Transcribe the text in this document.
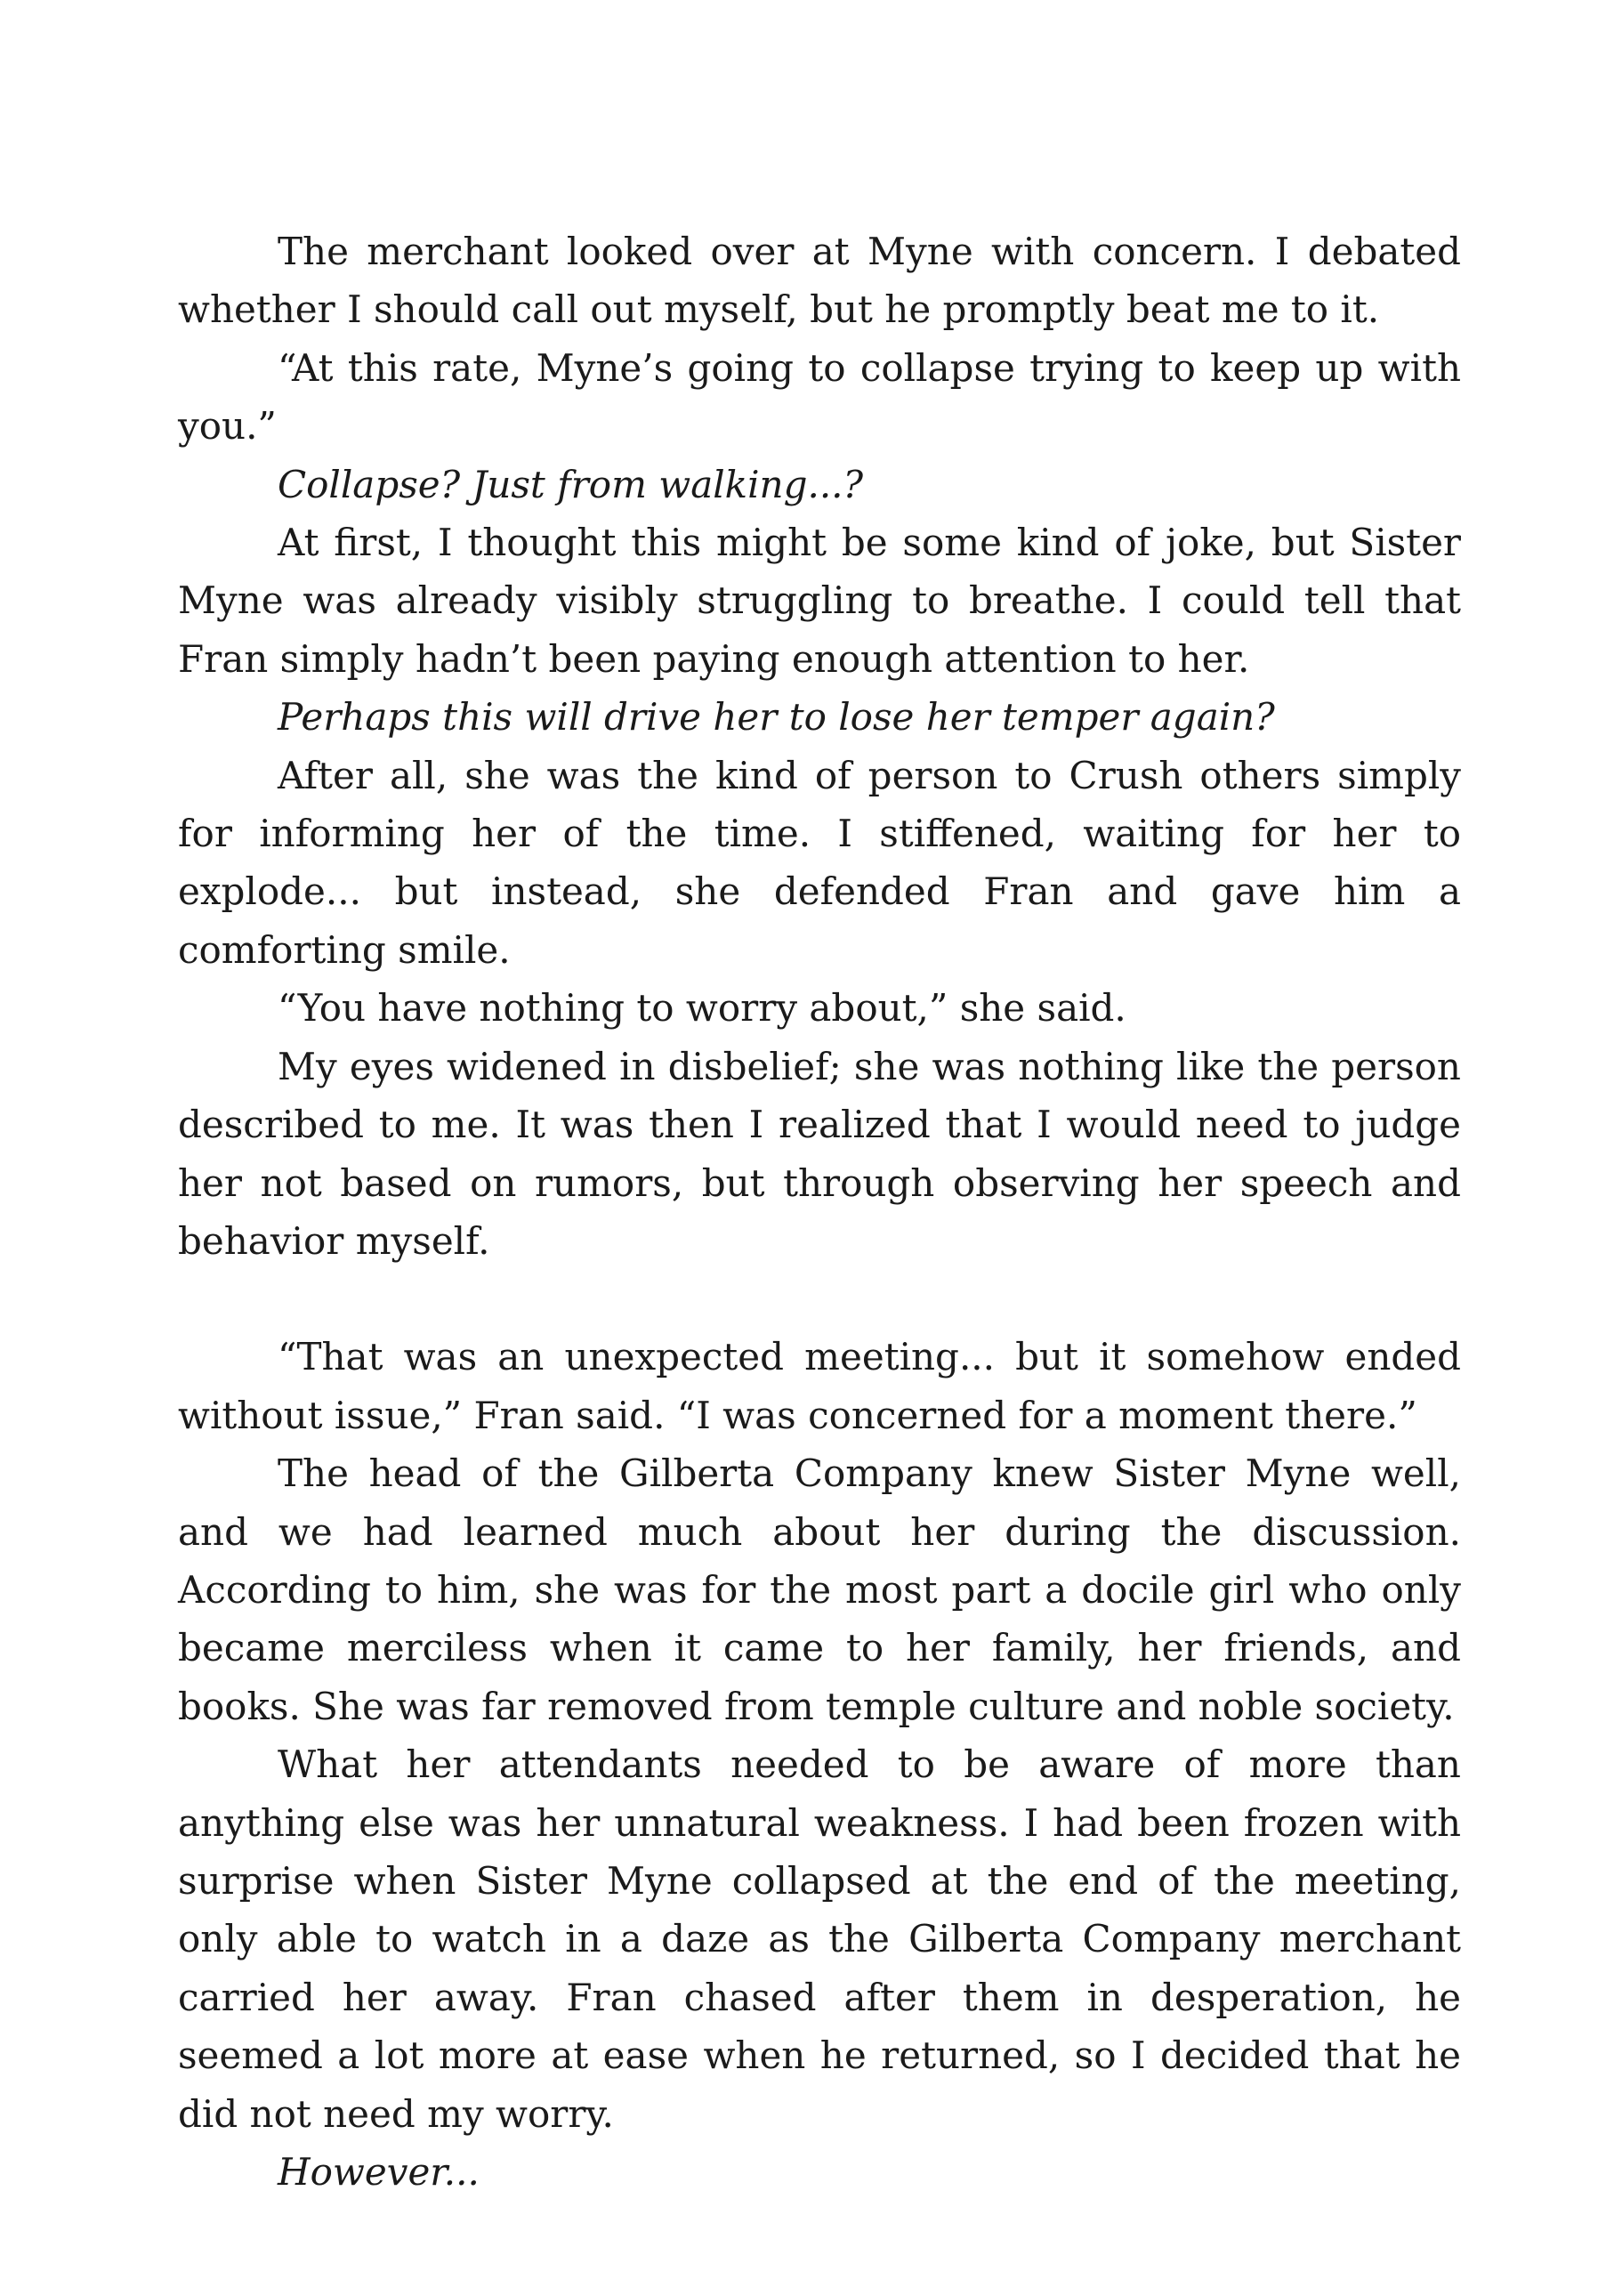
The merchant looked over at Myne with concern. I debated whether I should call out myself, but he promptly beat me to it.

“At this rate, Myne’s going to collapse trying to keep up with you.”

Collapse? Just from walking...?

At first, I thought this might be some kind of joke, but Sister Myne was already visibly struggling to breathe. I could tell that Fran simply hadn’t been paying enough attention to her.

Perhaps this will drive her to lose her temper again?

After all, she was the kind of person to Crush others simply for informing her of the time. I stiffened, waiting for her to explode... but instead, she defended Fran and gave him a comforting smile.

“You have nothing to worry about,” she said.

My eyes widened in disbelief; she was nothing like the person described to me. It was then I realized that I would need to judge her not based on rumors, but through observing her speech and behavior myself.

“That was an unexpected meeting... but it somehow ended without issue,” Fran said. “I was concerned for a moment there.”

The head of the Gilberta Company knew Sister Myne well, and we had learned much about her during the discussion. According to him, she was for the most part a docile girl who only became merciless when it came to her family, her friends, and books. She was far removed from temple culture and noble society.

What her attendants needed to be aware of more than anything else was her unnatural weakness. I had been frozen with surprise when Sister Myne collapsed at the end of the meeting, only able to watch in a daze as the Gilberta Company merchant carried her away. Fran chased after them in desperation, he seemed a lot more at ease when he returned, so I decided that he did not need my worry.

However...
